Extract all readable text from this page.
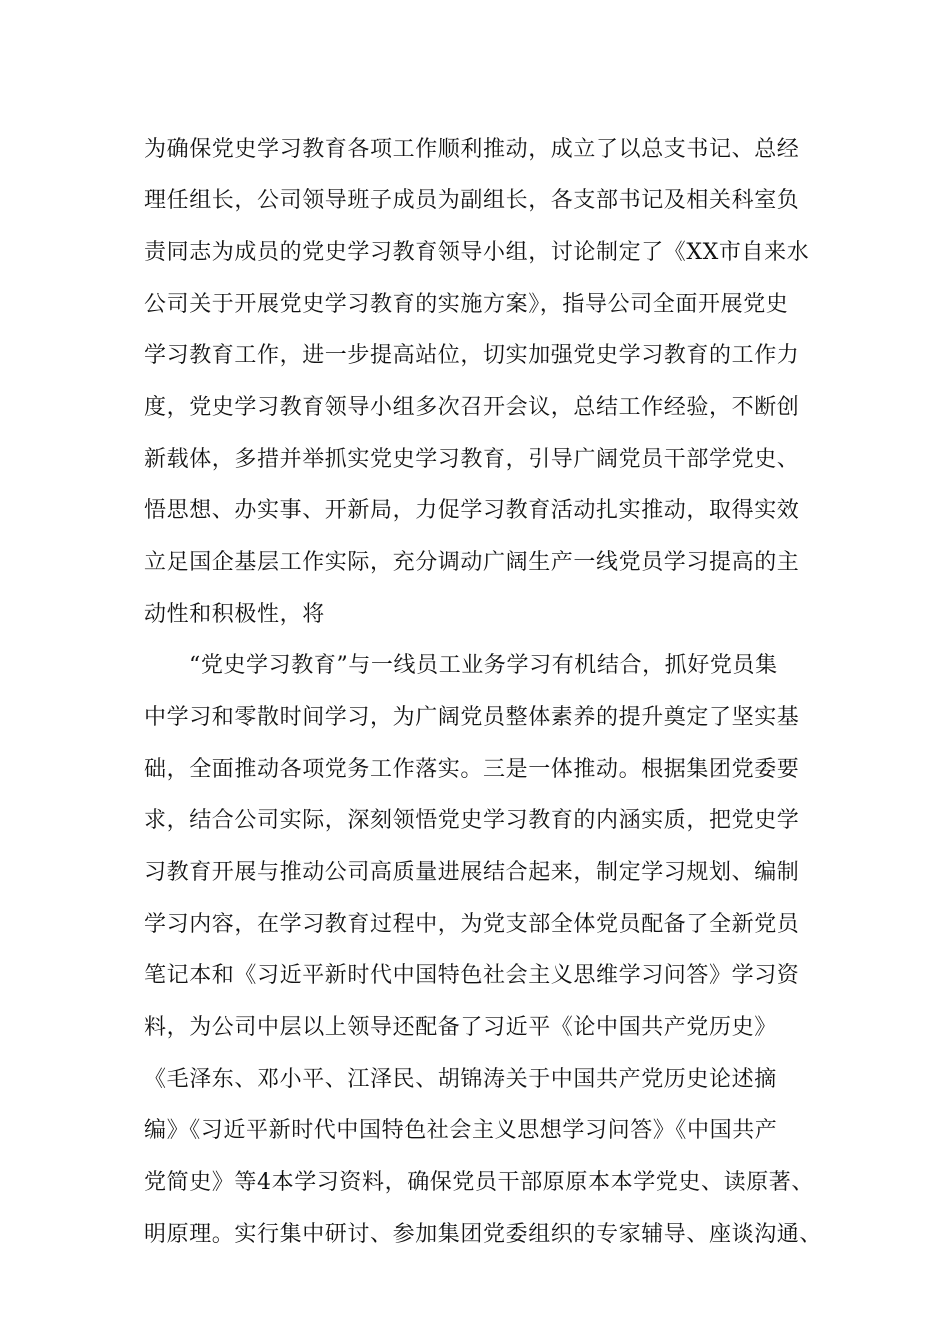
为确保党史学习教育各项工作顺利推动，成立了以总支书记、总经
理任组长，公司领导班子成员为副组长，各支部书记及相关科室负
责同志为成员的党史学习教育领导小组，讨论制定了《XX市自来水
公司关于开展党史学习教育的实施方案》，指导公司全面开展党史
学习教育工作，进一步提高站位，切实加强党史学习教育的工作力
度，党史学习教育领导小组多次召开会议，总结工作经验，不断创
新载体，多措并举抓实党史学习教育，引导广阔党员干部学党史、
悟思想、办实事、开新局，力促学习教育活动扎实推动，取得实效
立足国企基层工作实际，充分调动广阔生产一线党员学习提高的主
动性和积极性，将
“党史学习教育”与一线员工业务学习有机结合，抓好党员集
中学习和零散时间学习，为广阔党员整体素养的提升奠定了坚实基
础，全面推动各项党务工作落实。三是一体推动。根据集团党委要
求，结合公司实际，深刻领悟党史学习教育的内涵实质，把党史学
习教育开展与推动公司高质量进展结合起来，制定学习规划、编制
学习内容，在学习教育过程中，为党支部全体党员配备了全新党员
笔记本和《习近平新时代中国特色社会主义思维学习问答》学习资
料，为公司中层以上领导还配备了习近平《论中国共产党历史》
《毛泽东、邓小平、江泽民、胡锦涛关于中国共产党历史论述摘
编》《习近平新时代中国特色社会主义思想学习问答》《中国共产
党简史》等4本学习资料，确保党员干部原原本本学党史、读原著、
明原理。实行集中研讨、参加集团党委组织的专家辅导、座谈沟通、
